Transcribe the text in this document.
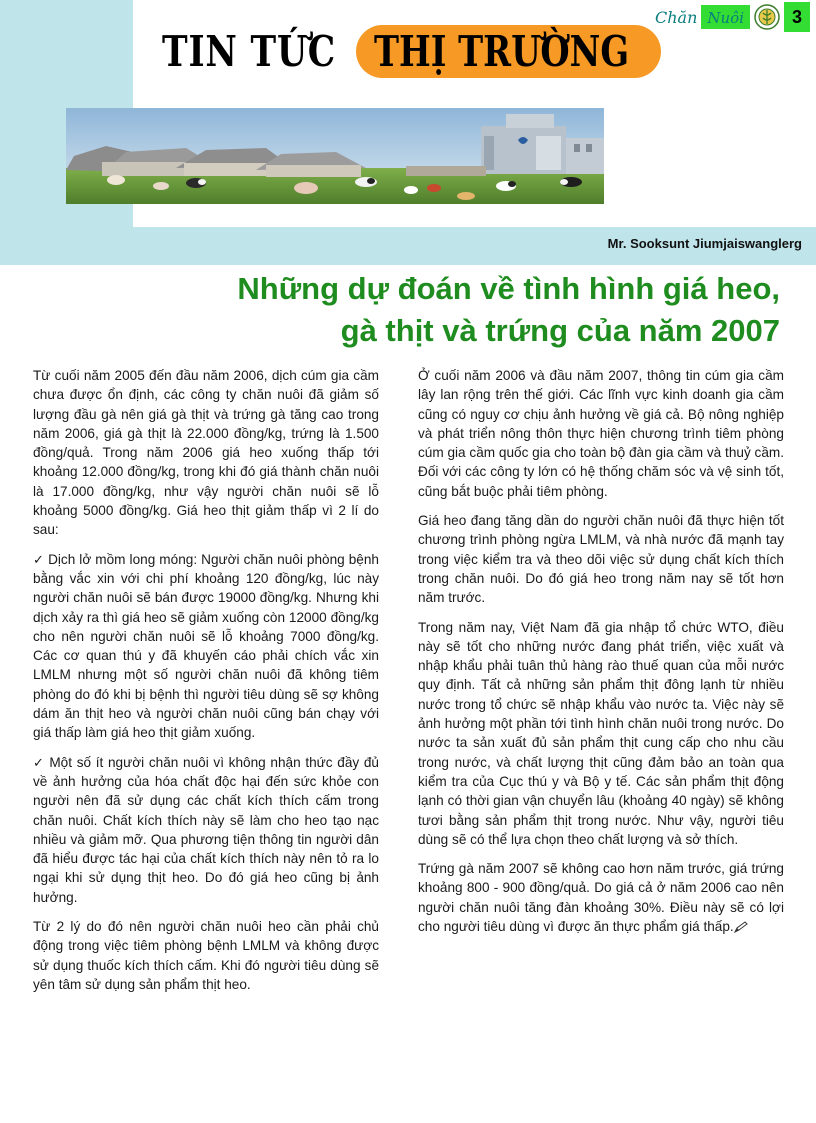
Chăn Nuôi	3
TIN TỨC THỊ TRƯỜNG
Mr. Sooksunt Jiumjaiswanglerg
Những dự đoán về tình hình giá heo,
gà thịt và trứng của năm 2007

Từ cuối năm 2005 đến đầu năm 2006, dịch cúm gia cầm chưa được ổn định, các công ty chăn nuôi đã giảm số lượng đầu gà nên giá gà thịt và trứng gà tăng cao trong năm 2006, giá gà thịt là 22.000 đồng/kg, trứng là 1.500 đồng/quả. Trong năm 2006 giá heo xuống thấp tới khoảng 12.000 đồng/kg, trong khi đó giá thành chăn nuôi là 17.000 đồng/kg, như vậy người chăn nuôi sẽ lỗ khoảng 5000 đồng/kg. Giá heo thịt giảm thấp vì 2 lí do sau:

✓ Dịch lở mồm long móng: Người chăn nuôi phòng bệnh bằng vắc xin với chi phí khoảng 120 đồng/kg, lúc này người chăn nuôi sẽ bán được 19000 đồng/kg. Nhưng khi dịch xảy ra thì giá heo sẽ giảm xuống còn 12000 đồng/kg cho nên người chăn nuôi sẽ lỗ khoảng 7000 đồng/kg. Các cơ quan thú y đã khuyến cáo phải chích vắc xin LMLM nhưng một số người chăn nuôi đã không tiêm phòng do đó khi bị bệnh thì người tiêu dùng sẽ sợ không dám ăn thịt heo và người chăn nuôi cũng bán chạy với giá thấp làm giá heo thịt giảm xuống.

✓ Một số ít người chăn nuôi vì không nhận thức đầy đủ về ảnh hưởng của hóa chất độc hại đến sức khỏe con người nên đã sử dụng các chất kích thích cấm trong chăn nuôi. Chất kích thích này sẽ làm cho heo tạo nạc nhiều và giảm mỡ. Qua phương tiện thông tin người dân đã hiểu được tác hại của chất kích thích này nên tỏ ra lo ngại khi sử dụng thịt heo. Do đó giá heo cũng bị ảnh hưởng.

Từ 2 lý do đó nên người chăn nuôi heo cần phải chủ động trong việc tiêm phòng bệnh LMLM và không được sử dụng thuốc kích thích cấm. Khi đó người tiêu dùng sẽ yên tâm sử dụng sản phẩm thịt heo.

Ở cuối năm 2006 và đầu năm 2007, thông tin cúm gia cầm lây lan rộng trên thế giới. Các lĩnh vực kinh doanh gia cầm cũng có nguy cơ chịu ảnh hưởng về giá cả. Bộ nông nghiệp và phát triển nông thôn thực hiện chương trình tiêm phòng cúm gia cầm quốc gia cho toàn bộ đàn gia cầm và thuỷ cầm. Đối với các công ty lớn có hệ thống chăm sóc và vệ sinh tốt, cũng bắt buộc phải tiêm phòng.

Giá heo đang tăng dần do người chăn nuôi đã thực hiện tốt chương trình phòng ngừa LMLM, và nhà nước đã mạnh tay trong việc kiểm tra và theo dõi việc sử dụng chất kích thích trong chăn nuôi. Do đó giá heo trong năm nay sẽ tốt hơn năm trước.

Trong năm nay, Việt Nam đã gia nhập tổ chức WTO, điều này sẽ tốt cho những nước đang phát triển, việc xuất và nhập khẩu phải tuân thủ hàng rào thuế quan của mỗi nước quy định. Tất cả những sản phẩm thịt đông lạnh từ nhiều nước trong tổ chức sẽ nhập khẩu vào nước ta. Việc này sẽ ảnh hưởng một phần tới tình hình chăn nuôi trong nước. Do nước ta sản xuất đủ sản phẩm thịt cung cấp cho nhu cầu trong nước, và chất lượng thịt cũng đảm bảo an toàn qua kiểm tra của Cục thú y và Bộ y tế. Các sản phẩm thịt động lạnh có thời gian vận chuyển lâu (khoảng 40 ngày) sẽ không tươi bằng sản phẩm thịt trong nước. Như vậy, người tiêu dùng sẽ có thể lựa chọn theo chất lượng và sở thích.

Trứng gà năm 2007 sẽ không cao hơn năm trước, giá trứng khoảng 800 - 900 đồng/quả. Do giá cả ở năm 2006 cao nên người chăn nuôi tăng đàn khoảng 30%. Điều này sẽ có lợi cho người tiêu dùng vì được ăn thực phẩm giá thấp.
